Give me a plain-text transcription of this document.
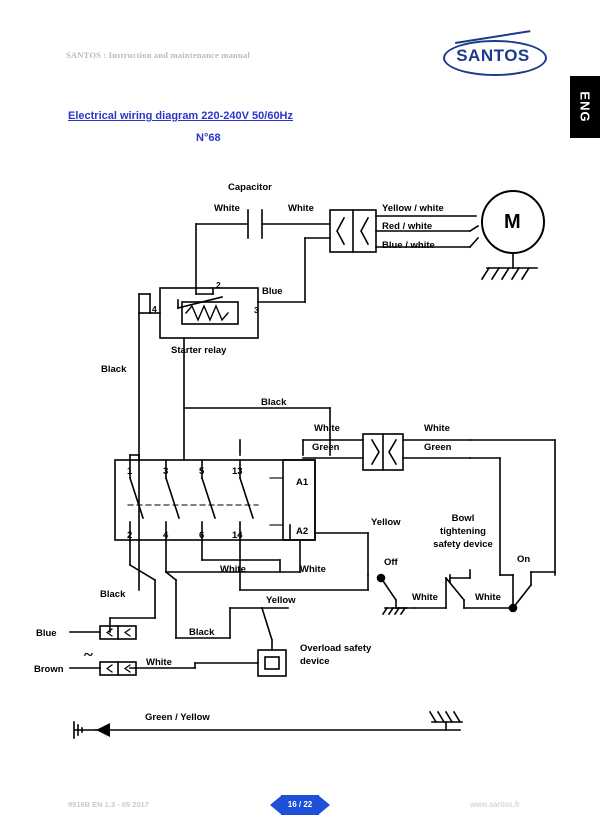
SANTOS : Instruction and maintenance manual	SANTOS
ENG
Electrical wiring diagram 220-240V 50/60Hz
N°68
~
Capacitor
White	White	Yellow / white
Red / white
Blue / white
M
Blue
2
4	3
Starter relay
Black
Black
White	White
Green	Green
1	3	5	13
A1
A2
2	4	6	14
Yellow	Bowl tightening safety device
Off	On
White	White
White	White
Black
Yellow
Blue
Brown
Black
White
Overload safety device
Green / Yellow
9916B EN 1.3 - 05 2017	16 / 22	www.santos.fr
